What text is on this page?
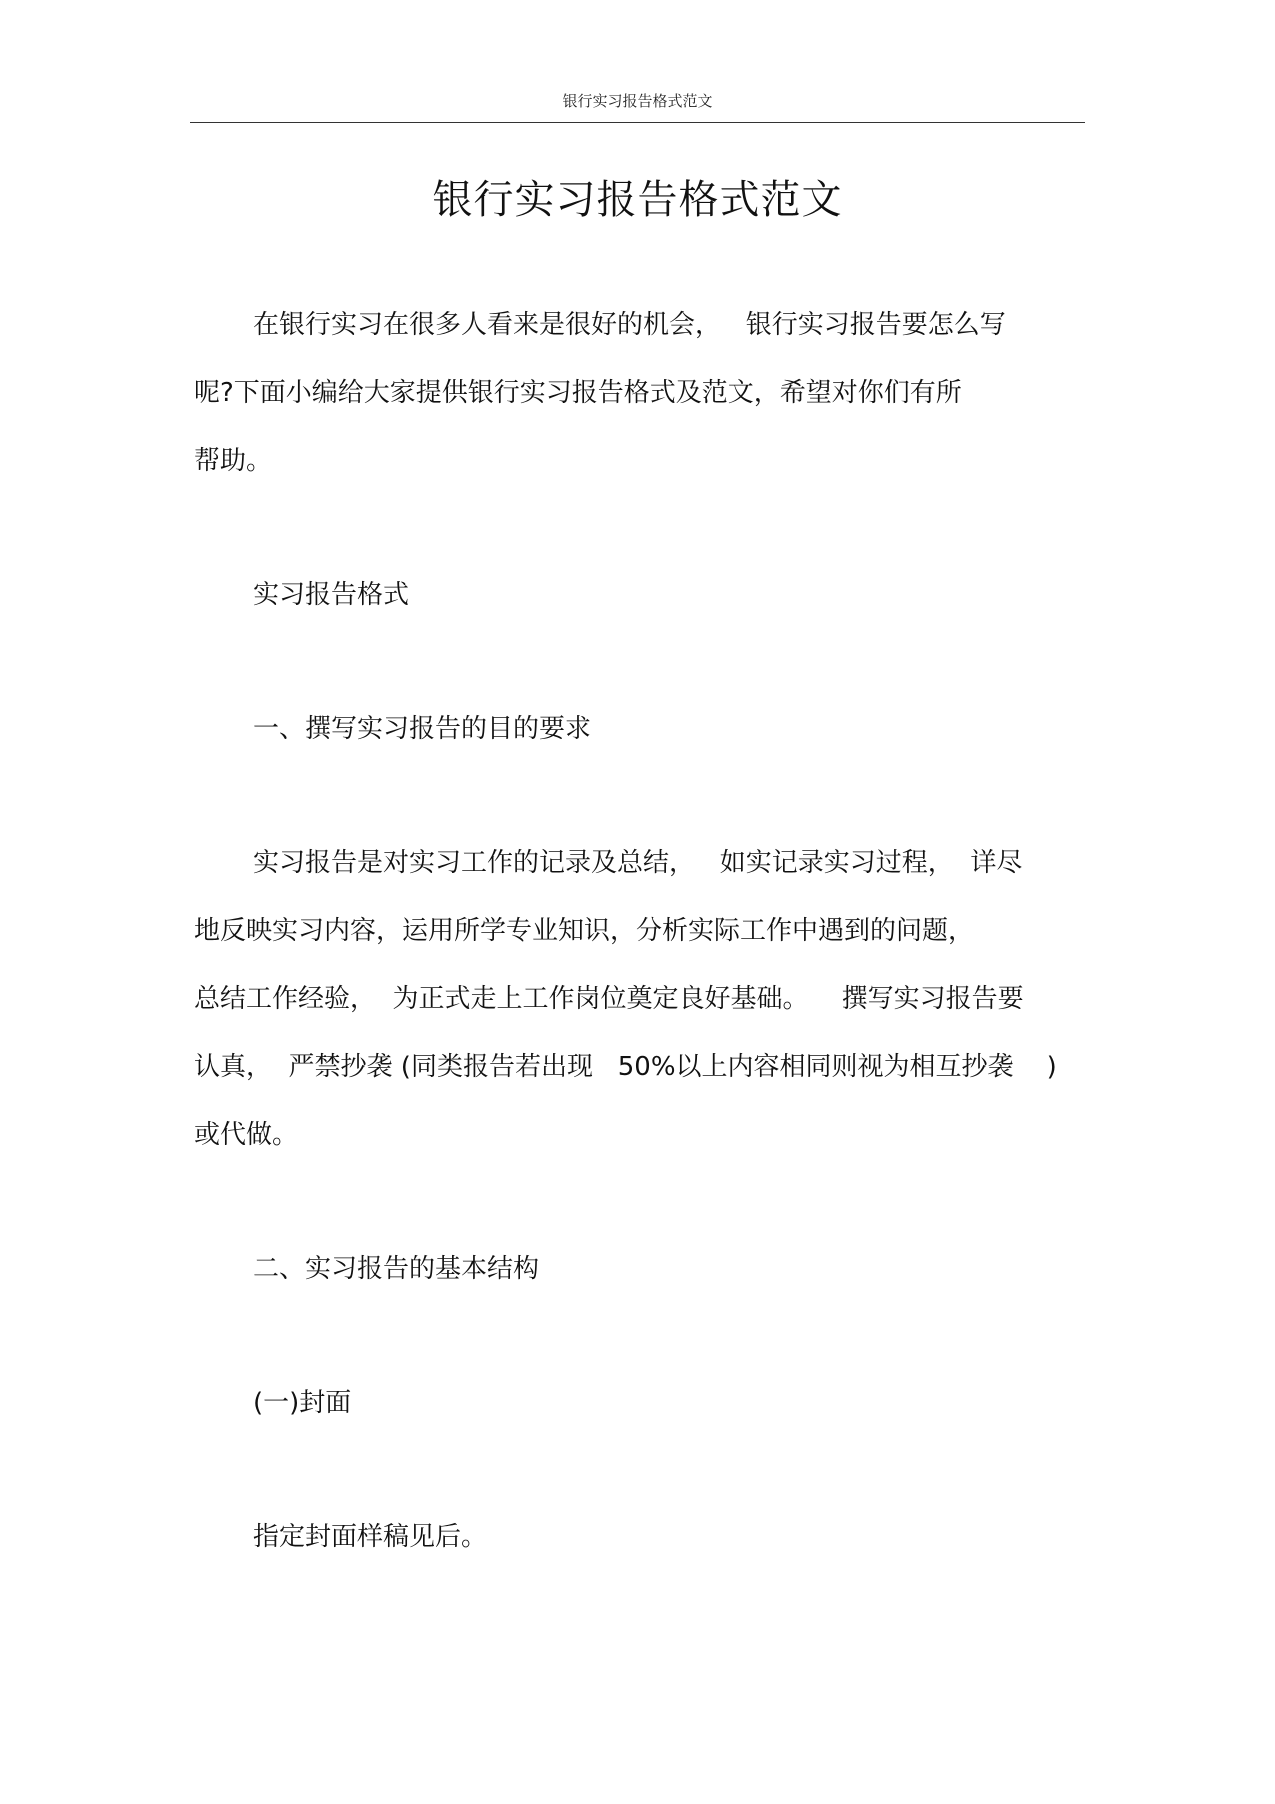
银行实习报告格式范文
银行实习报告格式范文
在银行实习在很多人看来是很好的机会，   银行实习报告要怎么写
呢?下面小编给大家提供银行实习报告格式及范文，希望对你们有所
帮助。
实习报告格式
一、撰写实习报告的目的要求
实习报告是对实习工作的记录及总结，   如实记录实习过程，  详尽
地反映实习内容，运用所学专业知识，分析实际工作中遇到的问题，
总结工作经验，  为正式走上工作岗位奠定良好基础。    撰写实习报告要
认真，  严禁抄袭 (同类报告若出现   50%以上内容相同则视为相互抄袭    )
或代做。
二、实习报告的基本结构
(一)封面
指定封面样稿见后。
